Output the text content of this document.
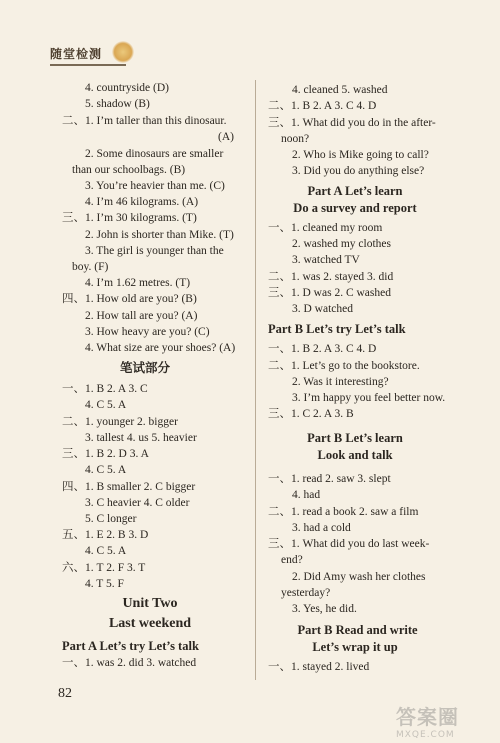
随堂检测
4. countryside (D)
5. shadow (B)
二、1. I’m taller than this dinosaur.
(A)
2. Some dinosaurs are smaller
than our schoolbags. (B)
3. You’re heavier than me. (C)
4. I’m 46 kilograms. (A)
三、1. I’m 30 kilograms. (T)
2. John is shorter than Mike. (T)
3. The girl is younger than the
boy. (F)
4. I’m 1.62 metres. (T)
四、1. How old are you? (B)
2. How tall are you? (A)
3. How heavy are you? (C)
4. What size are your shoes? (A)
笔试部分
一、1. B 2. A 3. C
4. C 5. A
二、1. younger 2. bigger
3. tallest 4. us 5. heavier
三、1. B 2. D 3. A
4. C 5. A
四、1. B smaller 2. C bigger
3. C heavier 4. C older
5. C longer
五、1. E 2. B 3. D
4. C 5. A
六、1. T 2. F 3. T
4. T 5. F
Unit Two
Last weekend
Part A Let’s try Let’s talk
一、1. was 2. did 3. watched
4. cleaned 5. washed
二、1. B 2. A 3. C 4. D
三、1. What did you do in the after-
noon?
2. Who is Mike going to call?
3. Did you do anything else?
Part A Let’s learn
Do a survey and report
一、1. cleaned my room
2. washed my clothes
3. watched TV
二、1. was 2. stayed 3. did
三、1. D was 2. C washed
3. D watched
Part B Let’s try Let’s talk
一、1. B 2. A 3. C 4. D
二、1. Let’s go to the bookstore.
2. Was it interesting?
3. I’m happy you feel better now.
三、1. C 2. A 3. B
Part B Let’s learn
Look and talk
一、1. read 2. saw 3. slept
4. had
二、1. read a book 2. saw a film
3. had a cold
三、1. What did you do last week-
end?
2. Did Amy wash her clothes
yesterday?
3. Yes, he did.
Part B Read and write
Let’s wrap it up
一、1. stayed 2. lived
82
答案圈
MXQE.COM
